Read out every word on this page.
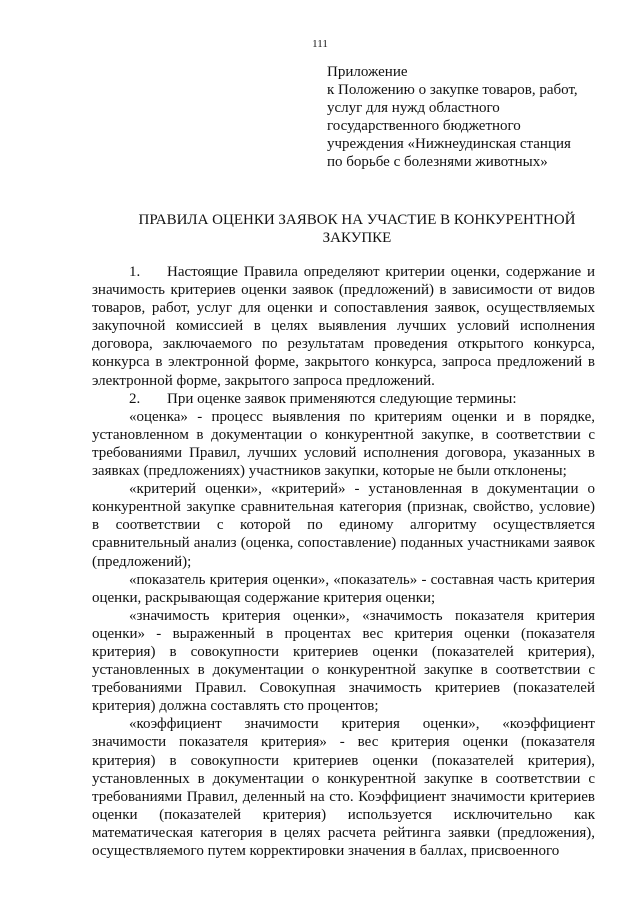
111
Приложение
к Положению о закупке товаров, работ,
услуг для нужд областного
государственного бюджетного
учреждения «Нижнеудинская станция
по борьбе с болезнями животных»
ПРАВИЛА ОЦЕНКИ ЗАЯВОК НА УЧАСТИЕ В КОНКУРЕНТНОЙ
ЗАКУПКЕ

1. Настоящие Правила определяют критерии оценки, содержание и значимость критериев оценки заявок (предложений) в зависимости от видов товаров, работ, услуг для оценки и сопоставления заявок, осуществляемых закупочной комиссией в целях выявления лучших условий исполнения договора, заключаемого по результатам проведения открытого конкурса, конкурса в электронной форме, закрытого конкурса, запроса предложений в электронной форме, закрытого запроса предложений.

2. При оценке заявок применяются следующие термины:

«оценка» - процесс выявления по критериям оценки и в порядке, установленном в документации о конкурентной закупке, в соответствии с требованиями Правил, лучших условий исполнения договора, указанных в заявках (предложениях) участников закупки, которые не были отклонены;

«критерий оценки», «критерий» - установленная в документации о конкурентной закупке сравнительная категория (признак, свойство, условие) в соответствии с которой по единому алгоритму осуществляется сравнительный анализ (оценка, сопоставление) поданных участниками заявок (предложений);

«показатель критерия оценки», «показатель» - составная часть критерия оценки, раскрывающая содержание критерия оценки;

«значимость критерия оценки», «значимость показателя критерия оценки» - выраженный в процентах вес критерия оценки (показателя критерия) в совокупности критериев оценки (показателей критерия), установленных в документации о конкурентной закупке в соответствии с требованиями Правил. Совокупная значимость критериев (показателей критерия) должна составлять сто процентов;

«коэффициент значимости критерия оценки», «коэффициент значимости показателя критерия» - вес критерия оценки (показателя критерия) в совокупности критериев оценки (показателей критерия), установленных в документации о конкурентной закупке в соответствии с требованиями Правил, деленный на сто. Коэффициент значимости критериев оценки (показателей критерия) используется исключительно как математическая категория в целях расчета рейтинга заявки (предложения), осуществляемого путем корректировки значения в баллах, присвоенного
